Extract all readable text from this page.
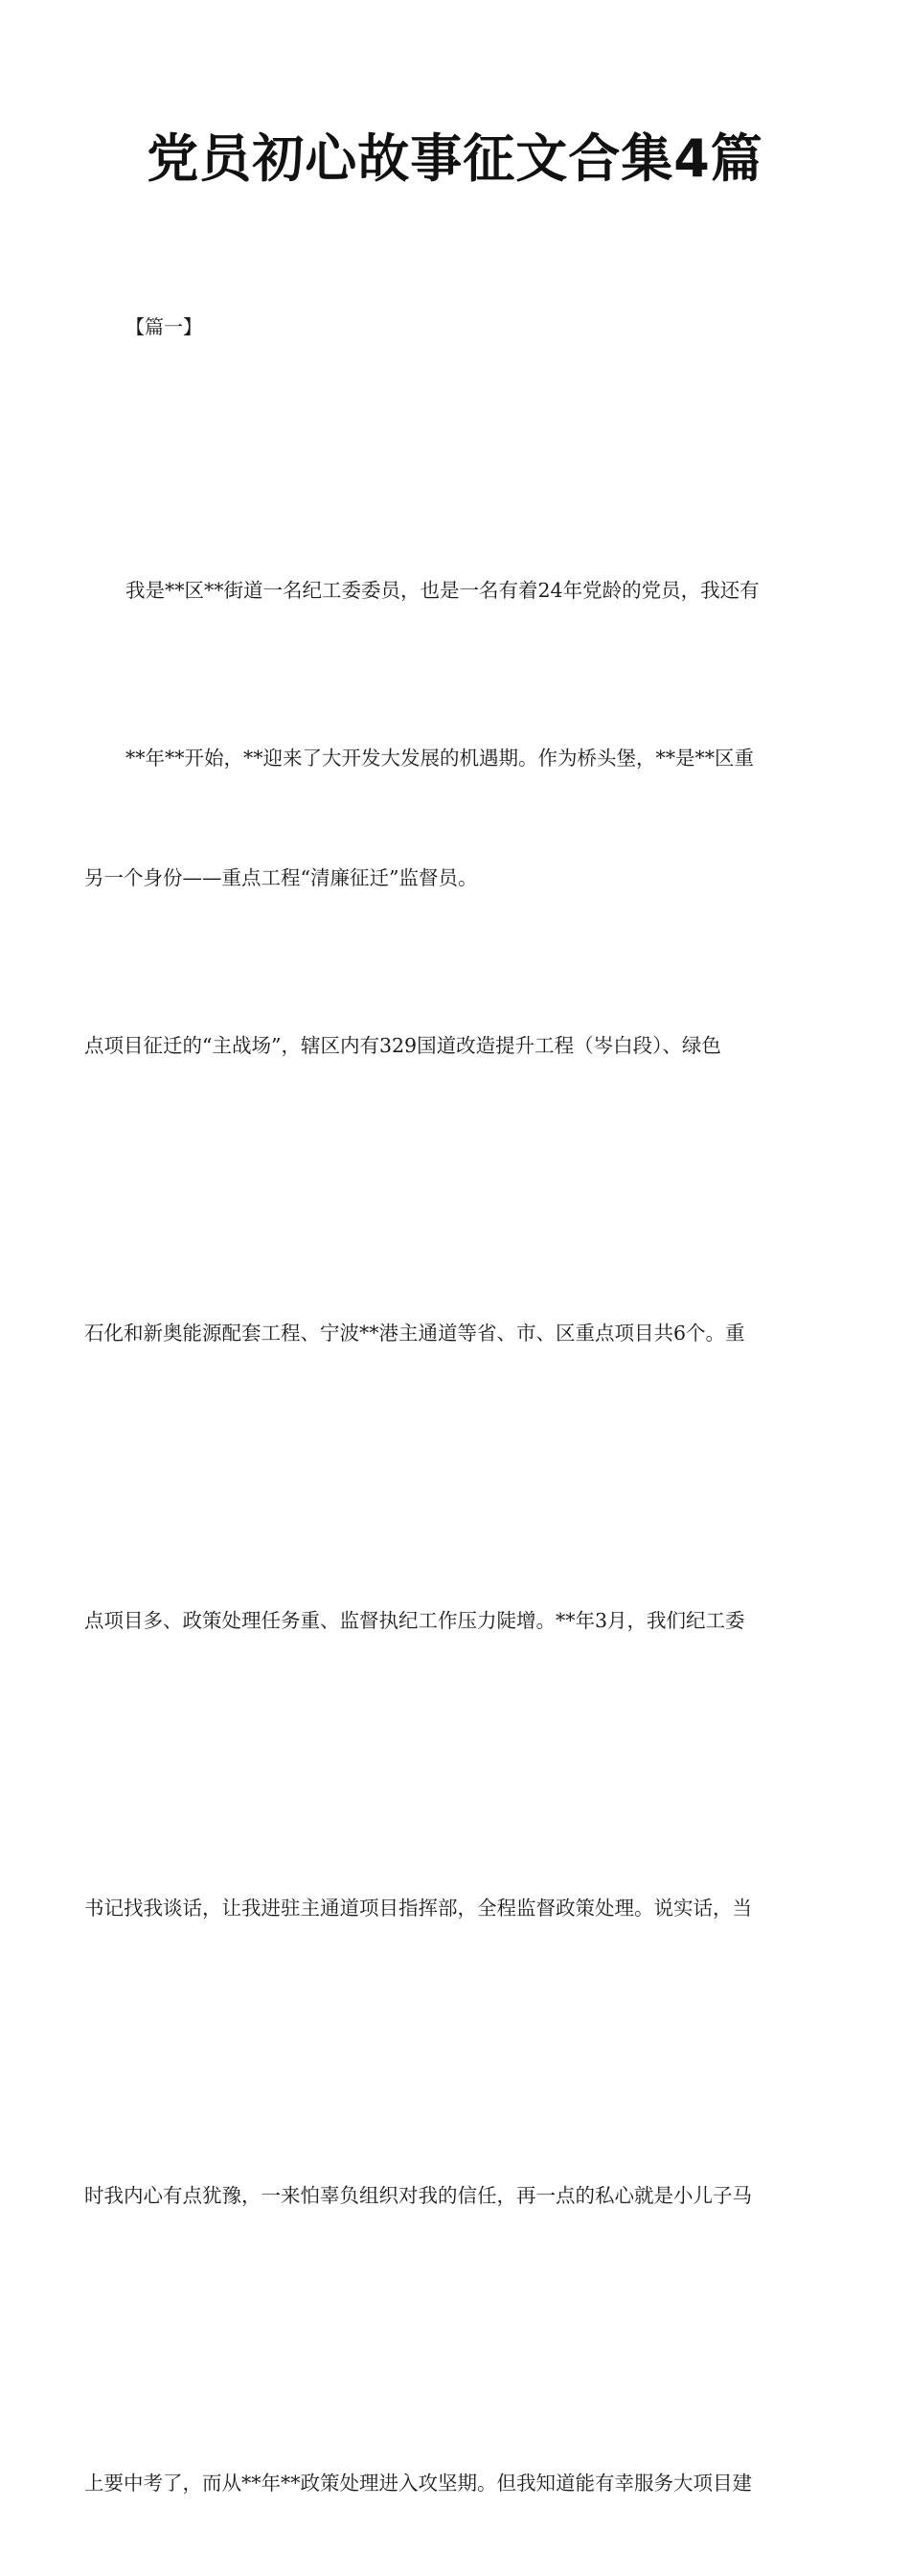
党员初心故事征文合集4篇

【篇一】

我是**区**街道一名纪工委委员，也是一名有着24年党龄的党员，我还有

另一个身份——重点工程“清廉征迁”监督员。

**年**开始，**迎来了大开发大发展的机遇期。作为桥头堡，**是**区重

点项目征迁的“主战场”，辖区内有329国道改造提升工程（岑白段）、绿色

石化和新奥能源配套工程、宁波**港主通道等省、市、区重点项目共6个。重

点项目多、政策处理任务重、监督执纪工作压力陡增。**年3月，我们纪工委

书记找我谈话，让我进驻主通道项目指挥部，全程监督政策处理。说实话，当

时我内心有点犹豫，一来怕辜负组织对我的信任，再一点的私心就是小儿子马

上要中考了，而从**年**政策处理进入攻坚期。但我知道能有幸服务大项目建
